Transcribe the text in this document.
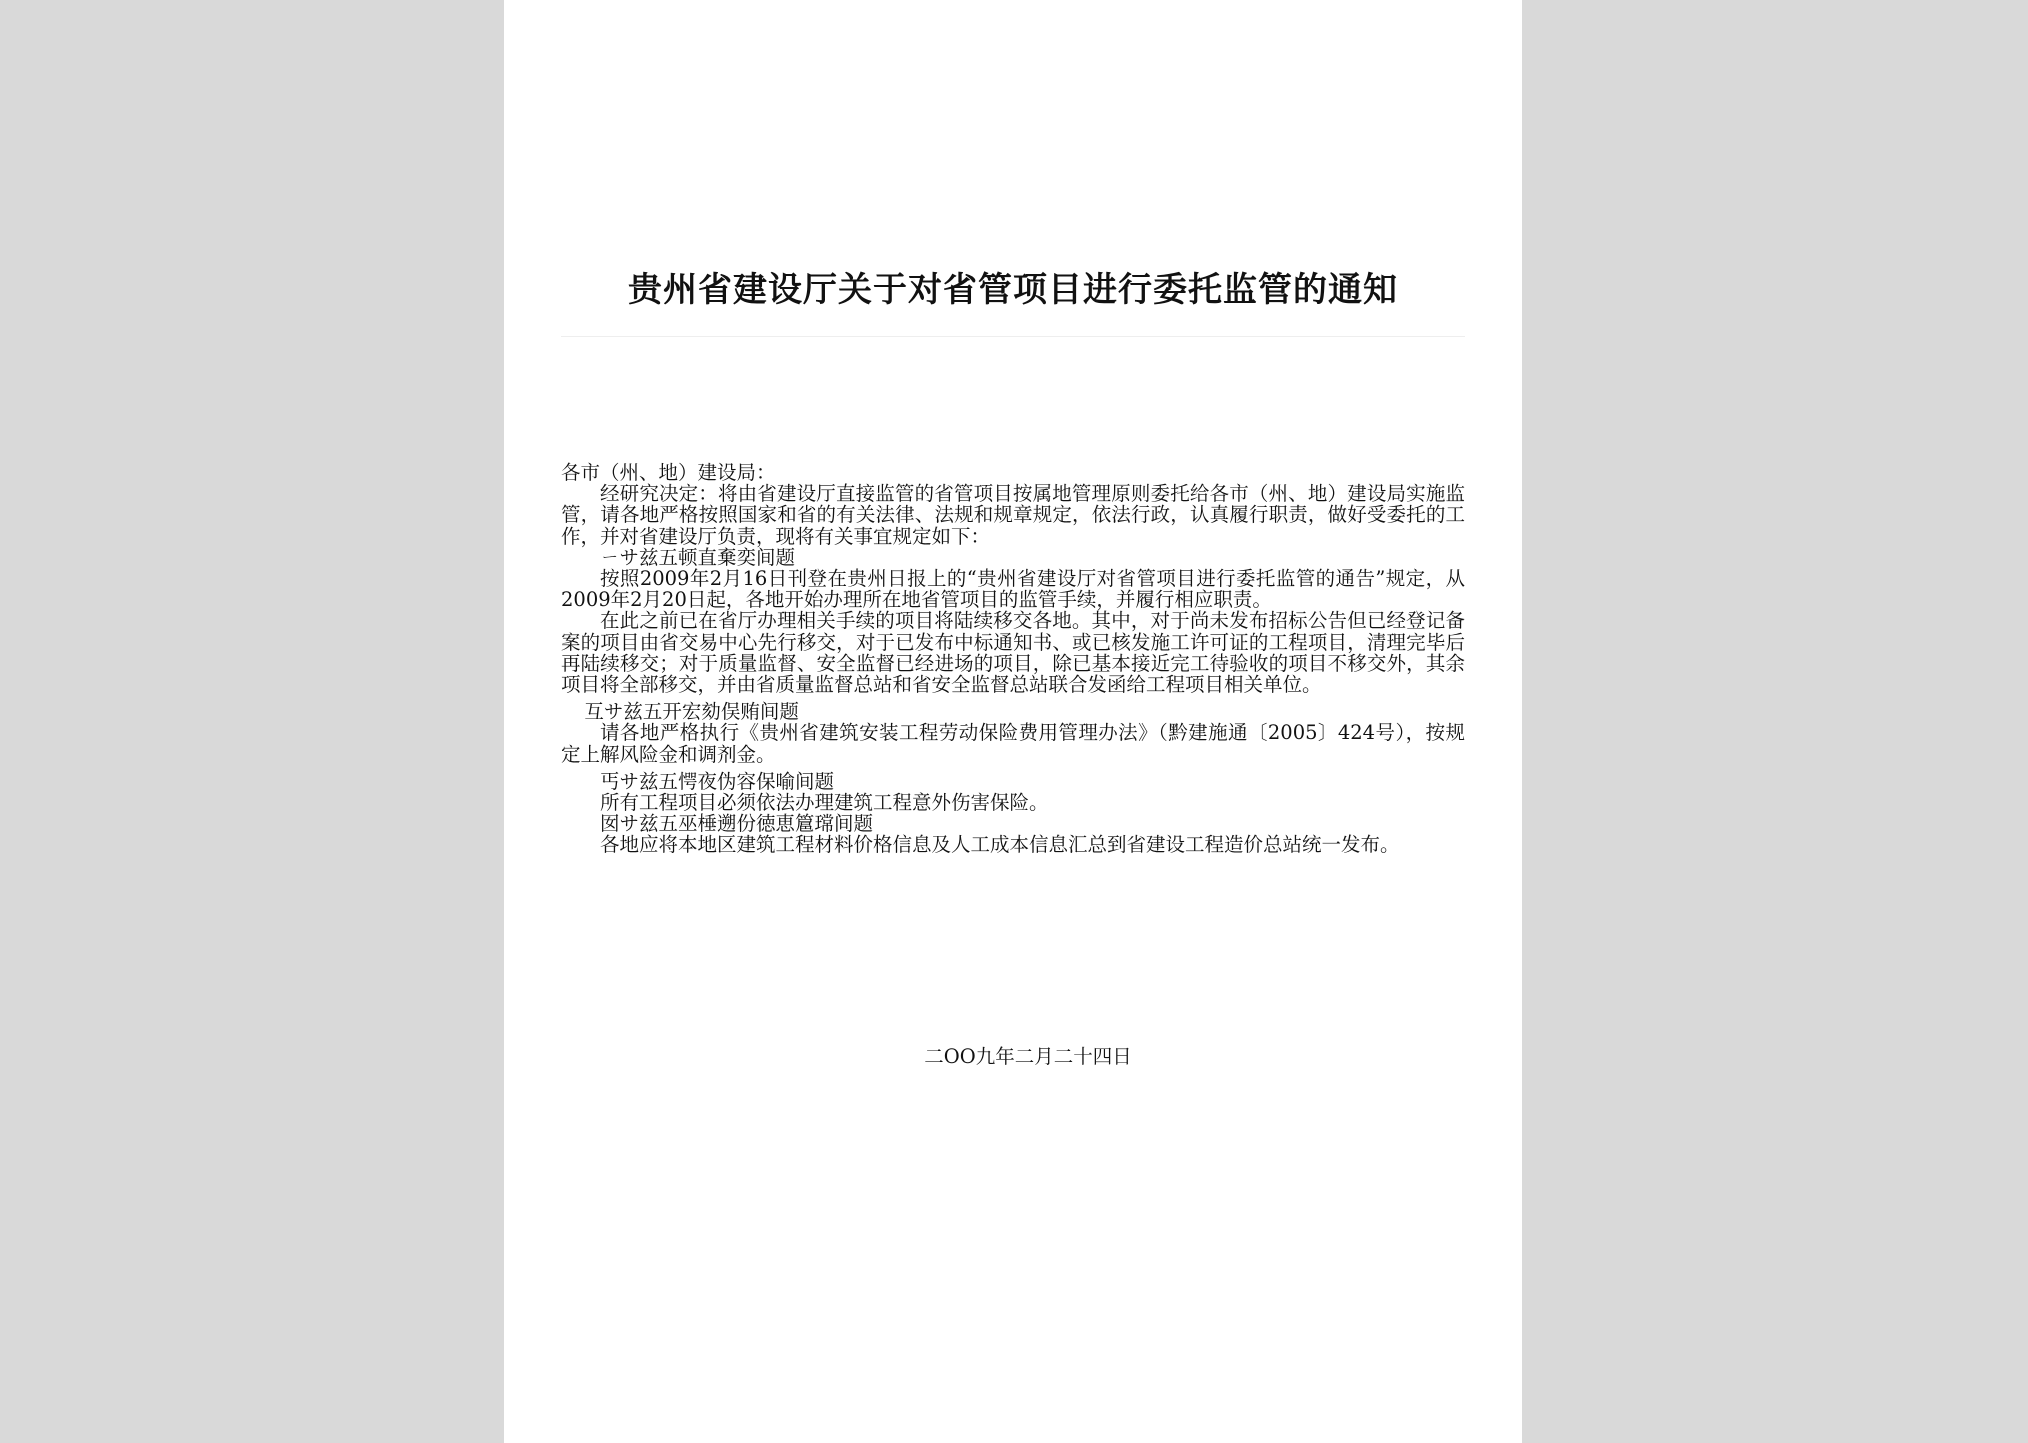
贵州省建设厅关于对省管项目进行委托监管的通知

各市（州、地）建设局：

经研究决定：将由省建设厅直接监管的省管项目按属地管理原则委托给各市（州、地）建设局实施监管，请各地严格按照国家和省的有关法律、法规和规章规定，依法行政，认真履行职责，做好受委托的工作，并对省建设厅负责，现将有关事宜规定如下：

ㄧサ兹五顿直棄奕间题

按照2009年2月16日刊登在贵州日报上的“贵州省建设厅对省管项目进行委托监管的通告”规定，从2009年2月20日起，各地开始办理所在地省管项目的监管手续，并履行相应职责。

在此之前已在省厅办理相关手续的项目将陆续移交各地。其中，对于尚未发布招标公告但已经登记备案的项目由省交易中心先行移交，对于已发布中标通知书、或已核发施工许可证的工程项目，清理完毕后再陆续移交；对于质量监督、安全监督已经进场的项目，除已基本接近完工待验收的项目不移交外，其余项目将全部移交，并由省质量监督总站和省安全监督总站联合发函给工程项目相关单位。

互サ兹五开宏劾俣贿间题

请各地严格执行《贵州省建筑安装工程劳动保险费用管理办法》（黔建施通〔2005〕424号），按规定上解风险金和调剂金。

丐サ兹五愕夜伪容保喻间题

所有工程项目必须依法办理建筑工程意外伤害保险。

囡サ兹五巫棰遡份徳恵簄瑺间题

各地应将本地区建筑工程材料价格信息及人工成本信息汇总到省建设工程造价总站统一发布。

二OO九年二月二十四日
